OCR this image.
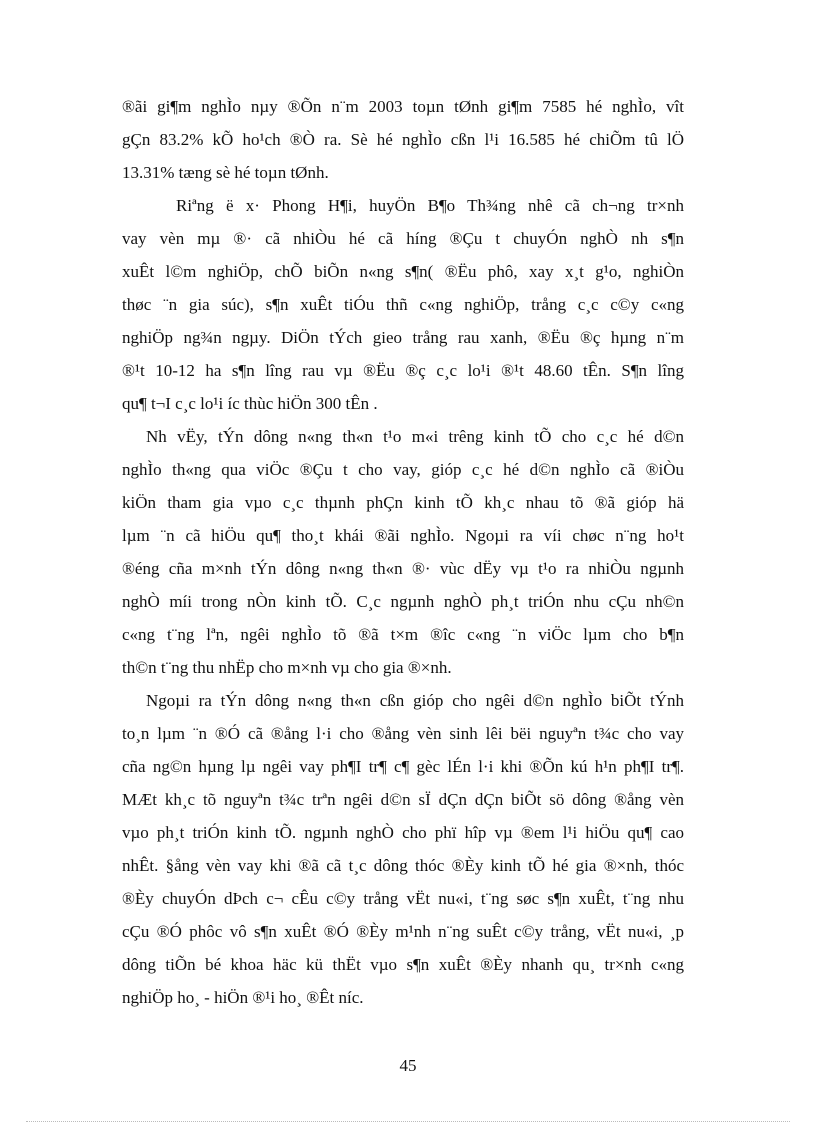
®ãi gi¶m nghÌo nµy ®Õn n¨m 2003 toµn tØnh gi¶m 7585 hé nghÌo, vît
gÇn 83.2% kÕ ho¹ch ®Ò ra. Sè hé nghÌo cßn l¹i 16.585 hé chiÕm tû lÖ
13.31% tæng sè hé toµn tØnh.
Riªng ë x· Phong H¶i, huyÖn B¶o Th¾ng nhê cã ch¬ng tr×nh
vay vèn mµ ®· cã nhiÒu hé cã híng ®Çu t chuyÓn nghÒ nh s¶n
xuÊt l©m nghiÖp, chÕ biÕn n«ng s¶n( ®Ëu phô, xay x¸t g¹o, nghiÒn
thøc ¨n gia súc), s¶n xuÊt tiÓu thñ c«ng nghiÖp, trång c¸c c©y c«ng
nghiÖp ng¾n ngµy. DiÖn tÝch gieo trång rau xanh, ®Ëu ®ç hµng n¨m
®¹t 10-12 ha s¶n lîng rau vµ ®Ëu ®ç c¸c lo¹i ®¹t 48.60 tÊn. S¶n lîng
qu¶ t¬I c¸c lo¹i íc thùc hiÖn 300 tÊn .
Nh vËy, tÝn dông n«ng th«n t¹o m«i trêng kinh tÕ cho c¸c hé d©n
nghÌo th«ng qua viÖc ®Çu t cho vay, gióp c¸c hé d©n nghÌo cã ®iÒu
kiÖn tham gia vµo c¸c thµnh phÇn kinh tÕ kh¸c nhau tõ ®ã gióp hä
lµm ¨n cã hiÖu qu¶ tho¸t khái ®ãi nghÌo. Ngoµi ra víi chøc n¨ng ho¹t
®éng cña m×nh tÝn dông n«ng th«n ®· vùc dËy vµ t¹o ra nhiÒu ngµnh
nghÒ míi trong nÒn kinh tÕ. C¸c ngµnh nghÒ ph¸t triÓn nhu cÇu nh©n
c«ng t¨ng lªn, ngêi nghÌo tõ ®ã t×m ®îc c«ng ¨n viÖc lµm cho b¶n
th©n t¨ng thu nhËp cho m×nh vµ cho gia ®×nh.
Ngoµi ra tÝn dông n«ng th«n cßn gióp cho ngêi d©n nghÌo biÕt tÝnh
to¸n lµm ¨n ®Ó cã ®ång l·i cho ®ång vèn sinh lêi bëi nguyªn t¾c cho vay
cña ng©n hµng lµ ngêi vay ph¶I tr¶ c¶ gèc lÉn l·i khi ®Õn kú h¹n ph¶I tr¶.
MÆt kh¸c tõ nguyªn t¾c trªn ngêi d©n sÏ dÇn dÇn biÕt sö dông ®ång vèn
vµo ph¸t triÓn kinh tÕ. ngµnh nghÒ cho phï hîp vµ ®em l¹i hiÖu qu¶ cao
nhÊt. §ång vèn vay khi ®ã cã t¸c dông thóc ®Èy kinh tÕ hé gia ®×nh, thóc
®Èy chuyÓn dÞch c¬ cÊu c©y trång vËt nu«i, t¨ng søc s¶n xuÊt, t¨ng nhu
cÇu ®Ó phôc vô s¶n xuÊt ®Ó ®Èy m¹nh n¨ng suÊt c©y trång, vËt nu«i, ¸p
dông tiÕn bé khoa häc kü thËt vµo s¶n xuÊt ®Èy nhanh qu¸ tr×nh c«ng
nghiÖp ho¸ - hiÖn ®¹i ho¸ ®Êt níc.
45
